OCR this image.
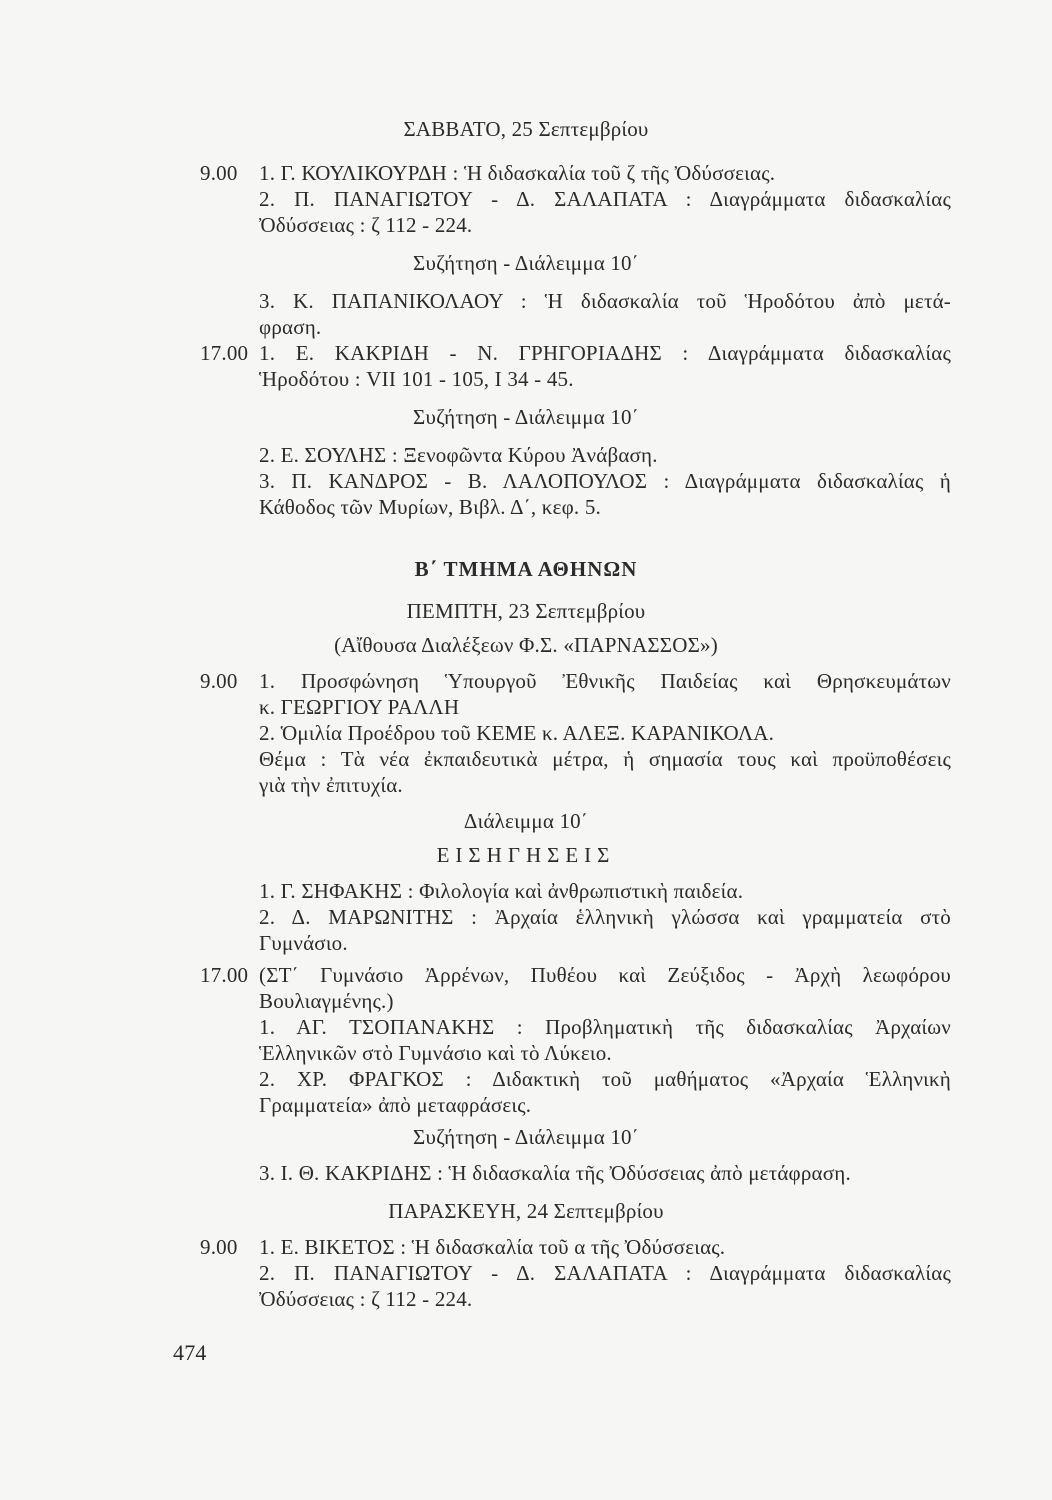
ΣΑΒΒΑΤΟ, 25 Σεπτεμβρίου
9.00 1. Γ. ΚΟΥΛΙΚΟΥΡΔΗ : Ἡ διδασκαλία τοῦ ζ τῆς Ὀδύσσειας.
2. Π. ΠΑΝΑΓΙΩΤΟΥ - Δ. ΣΑΛΑΠΑΤΑ : Διαγράμματα διδασκαλίας
Ὀδύσσειας : ζ 112 - 224.
Συζήτηση - Διάλειμμα 10΄
3. Κ. ΠΑΠΑΝΙΚΟΛΑΟΥ : Ἡ διδασκαλία τοῦ Ἡροδότου ἀπὸ μετά-
φραση.
17.00 1. Ε. ΚΑΚΡΙΔΗ - Ν. ΓΡΗΓΟΡΙΑΔΗΣ : Διαγράμματα διδασκαλίας
Ἡροδότου : VII 101 - 105, I 34 - 45.
Συζήτηση - Διάλειμμα 10΄
2. Ε. ΣΟΥΛΗΣ : Ξενοφῶντα Κύρου Ἀνάβαση.
3. Π. ΚΑΝΔΡΟΣ - Β. ΛΑΛΟΠΟΥΛΟΣ : Διαγράμματα διδασκαλίας ἡ
Κάθοδος τῶν Μυρίων, Βιβλ. Δ΄, κεφ. 5.
Β΄ ΤΜΗΜΑ ΑΘΗΝΩΝ
ΠΕΜΠΤΗ, 23 Σεπτεμβρίου
(Αἴθουσα Διαλέξεων Φ.Σ. «ΠΑΡΝΑΣΣΟΣ»)
9.00 1. Προσφώνηση Ὑπουργοῦ Ἐθνικῆς Παιδείας καὶ Θρησκευμάτων
κ. ΓΕΩΡΓΙΟΥ ΡΑΛΛΗ
2. Ὁμιλία Προέδρου τοῦ ΚΕΜΕ κ. ΑΛΕΞ. ΚΑΡΑΝΙΚΟΛΑ.
Θέμα : Τὰ νέα ἐκπαιδευτικὰ μέτρα, ἡ σημασία τους καὶ προϋποθέσεις
γιὰ τὴν ἐπιτυχία.
Διάλειμμα 10΄
ΕΙΣΗΓΗΣΕΙΣ
1. Γ. ΣΗΦΑΚΗΣ : Φιλολογία καὶ ἀνθρωπιστικὴ παιδεία.
2. Δ. ΜΑΡΩΝΙΤΗΣ : Ἀρχαία ἑλληνικὴ γλώσσα καὶ γραμματεία στὸ
Γυμνάσιο.
17.00 (ΣΤ΄ Γυμνάσιο Ἀρρένων, Πυθέου καὶ Ζεύξιδος - Ἀρχὴ λεωφόρου
Βουλιαγμένης.)
1. ΑΓ. ΤΣΟΠΑΝΑΚΗΣ : Προβληματικὴ τῆς διδασκαλίας Ἀρχαίων
Ἑλληνικῶν στὸ Γυμνάσιο καὶ τὸ Λύκειο.
2. ΧΡ. ΦΡΑΓΚΟΣ : Διδακτικὴ τοῦ μαθήματος «Ἀρχαία Ἑλληνικὴ
Γραμματεία» ἀπὸ μεταφράσεις.
Συζήτηση - Διάλειμμα 10΄
3. Ι. Θ. ΚΑΚΡΙΔΗΣ : Ἡ διδασκαλία τῆς Ὀδύσσειας ἀπὸ μετάφραση.
ΠΑΡΑΣΚΕΥΗ, 24 Σεπτεμβρίου
9.00 1. Ε. ΒΙΚΕΤΟΣ : Ἡ διδασκαλία τοῦ α τῆς Ὀδύσσειας.
2. Π. ΠΑΝΑΓΙΩΤΟΥ - Δ. ΣΑΛΑΠΑΤΑ : Διαγράμματα διδασκαλίας
Ὀδύσσειας : ζ 112 - 224.
474
